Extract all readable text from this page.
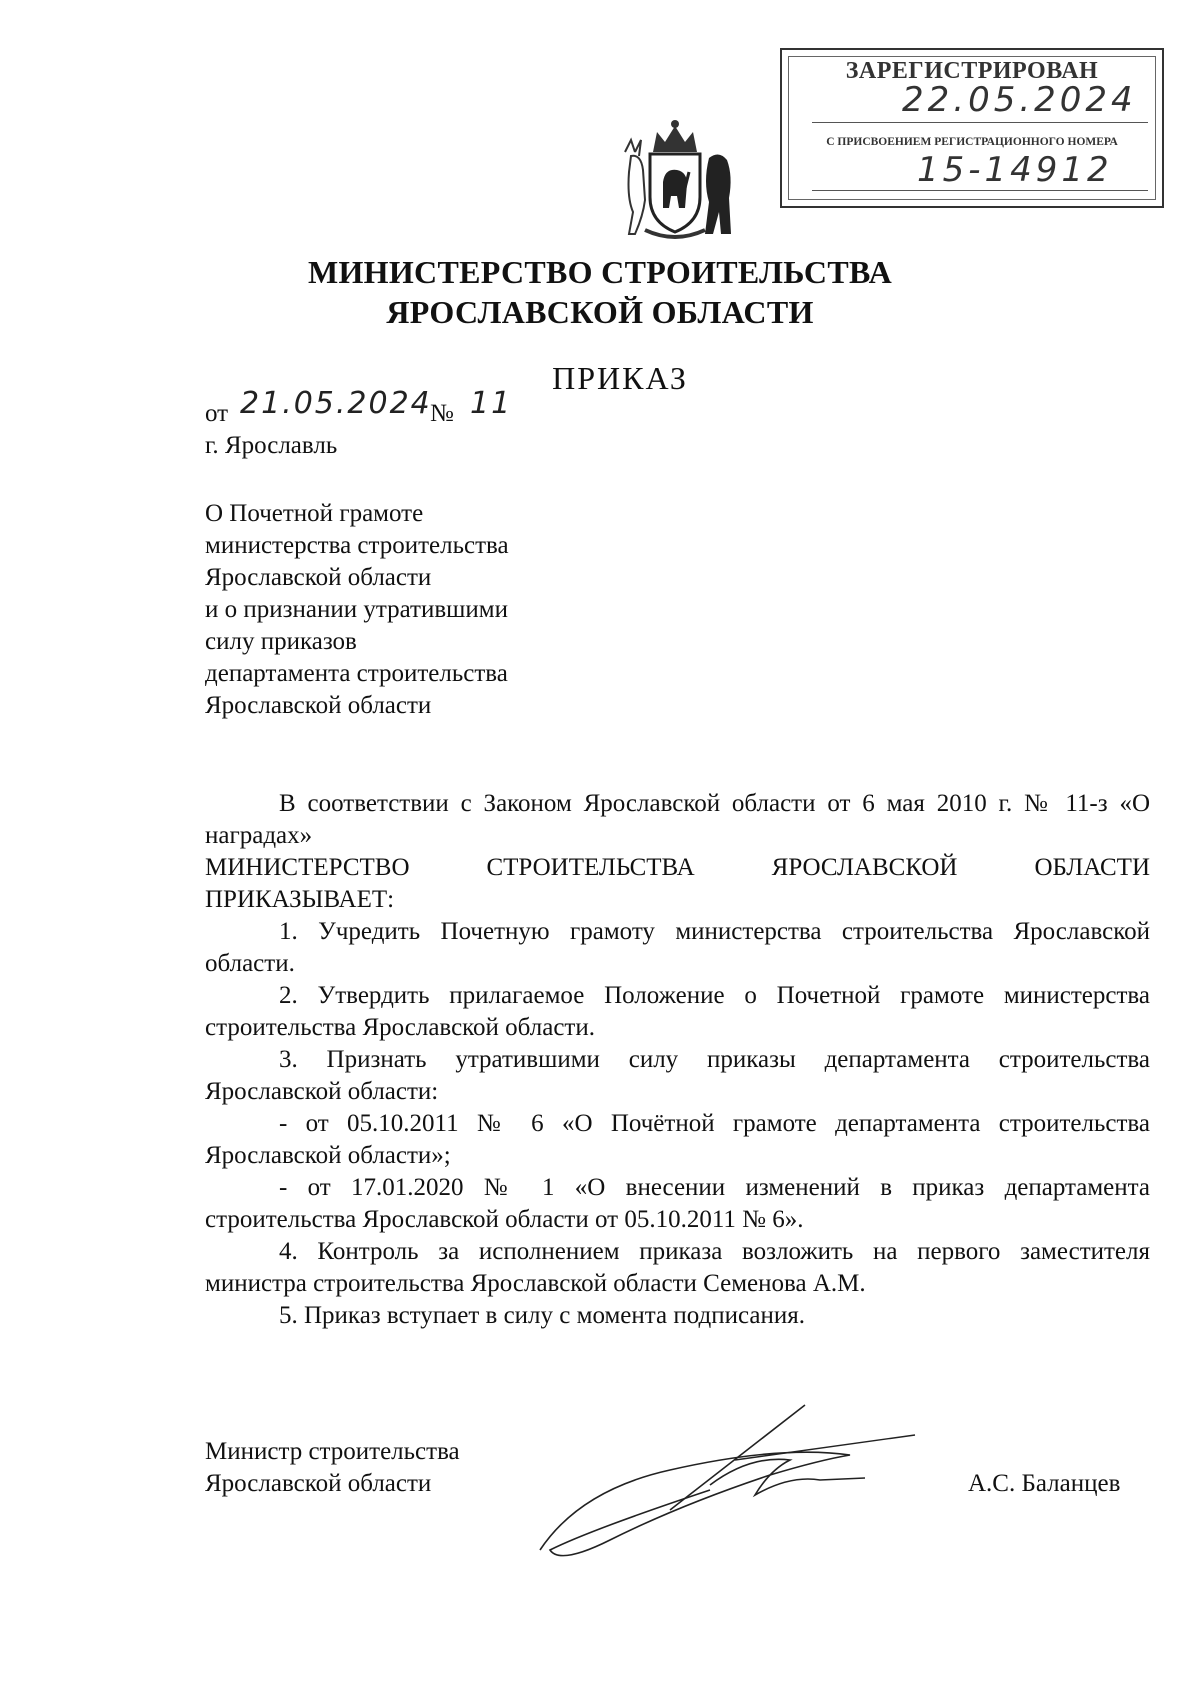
ЗАРЕГИСТРИРОВАН
22.05.2024
С ПРИСВОЕНИЕМ РЕГИСТРАЦИОННОГО НОМЕРА
15-14912
МИНИСТЕРСТВО СТРОИТЕЛЬСТВА
ЯРОСЛАВСКОЙ ОБЛАСТИ
ПРИКАЗ
от 21.05.2024
№ 11
г. Ярославль
О Почетной грамоте
министерства строительства
Ярославской области
и о признании утратившими
силу приказов
департамента строительства
Ярославской области

В соответствии с Законом Ярославской области от 6 мая 2010 г. № 11-з «О наградах»

МИНИСТЕРСТВО СТРОИТЕЛЬСТВА ЯРОСЛАВСКОЙ ОБЛАСТИ

ПРИКАЗЫВАЕТ:

1. Учредить Почетную грамоту министерства строительства Ярославской области.

2. Утвердить прилагаемое Положение о Почетной грамоте министерства строительства Ярославской области.

3. Признать утратившими силу приказы департамента строительства Ярославской области:

- от 05.10.2011 № 6 «О Почётной грамоте департамента строительства Ярославской области»;

- от 17.01.2020 № 1 «О внесении изменений в приказ департамента строительства Ярославской области от 05.10.2011 № 6».

4. Контроль за исполнением приказа возложить на первого заместителя министра строительства Ярославской области Семенова А.М.

5. Приказ вступает в силу с момента подписания.

Министр строительства
Ярославской области	А.С. Баланцев
